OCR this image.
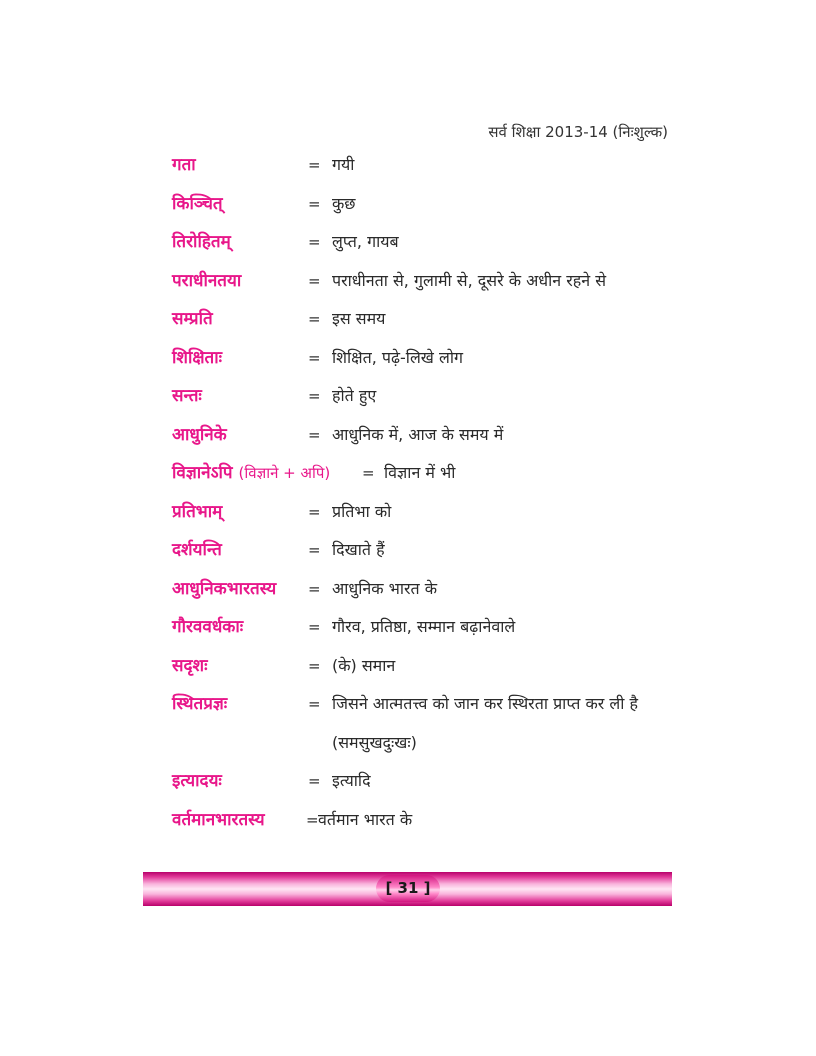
सर्व शिक्षा 2013-14 (निःशुल्क)
गता	= गयी
किञ्चित्	= कुछ
तिरोहितम्	= लुप्त, गायब
पराधीनतया	= पराधीनता से, गुलामी से, दूसरे के अधीन रहने से
सम्प्रति	= इस समय
शिक्षिताः	= शिक्षित, पढ़े-लिखे लोग
सन्तः	= होते हुए
आधुनिके	= आधुनिक में, आज के समय में
विज्ञानेऽपि (विज्ञाने + अपि) = विज्ञान में भी
प्रतिभाम्	= प्रतिभा को
दर्शयन्ति	= दिखाते हैं
आधुनिकभारतस्य = आधुनिक भारत के
गौरववर्धकाः	= गौरव, प्रतिष्ठा, सम्मान बढ़ानेवाले
सदृशः	= (के) समान
स्थितप्रज्ञः	= जिसने आत्मतत्त्व को जान कर स्थिरता प्राप्त कर ली है
(समसुखदुःखः)
इत्यादयः	= इत्यादि
वर्तमानभारतस्य	= वर्तमान भारत के
[ 31 ]
